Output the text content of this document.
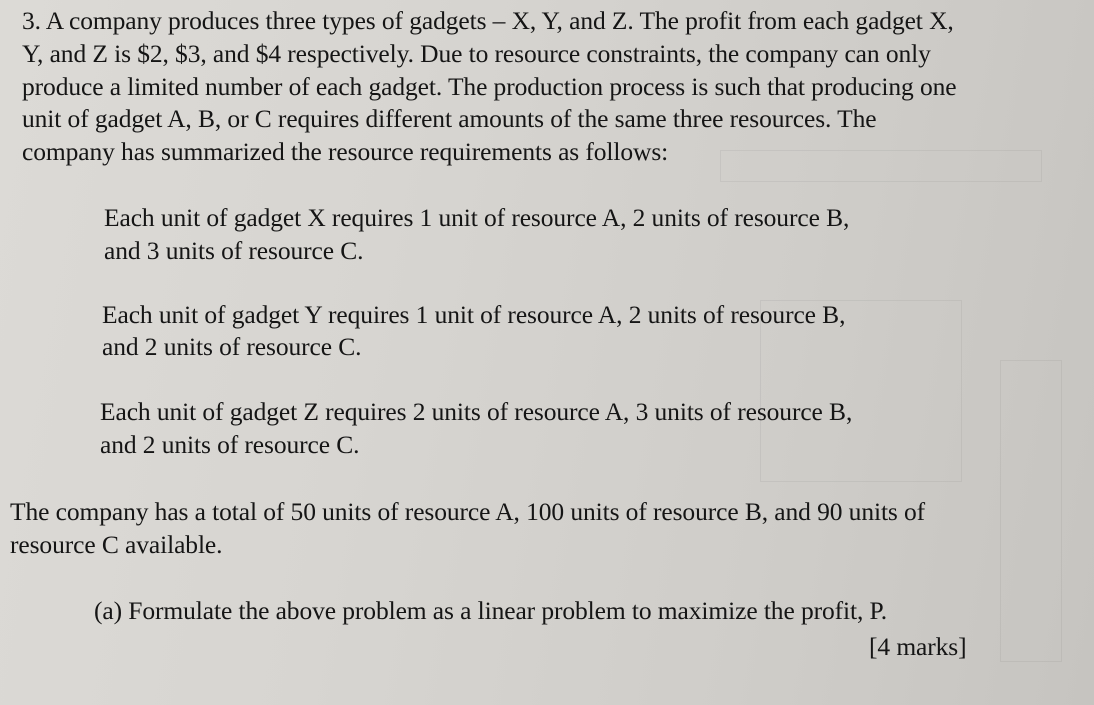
3. A company produces three types of gadgets – X, Y, and Z. The profit from each gadget X,
Y, and Z is $2, $3, and $4 respectively. Due to resource constraints, the company can only
produce a limited number of each gadget. The production process is such that producing one
unit of gadget A, B, or C requires different amounts of the same three resources. The
company has summarized the resource requirements as follows:
Each unit of gadget X requires 1 unit of resource A, 2 units of resource B,
and 3 units of resource C.
Each unit of gadget Y requires 1 unit of resource A, 2 units of resource B,
and 2 units of resource C.
Each unit of gadget Z requires 2 units of resource A, 3 units of resource B,
and 2 units of resource C.
The company has a total of 50 units of resource A, 100 units of resource B, and 90 units of
resource C available.
(a) Formulate the above problem as a linear problem to maximize the profit, P.
[4 marks]
